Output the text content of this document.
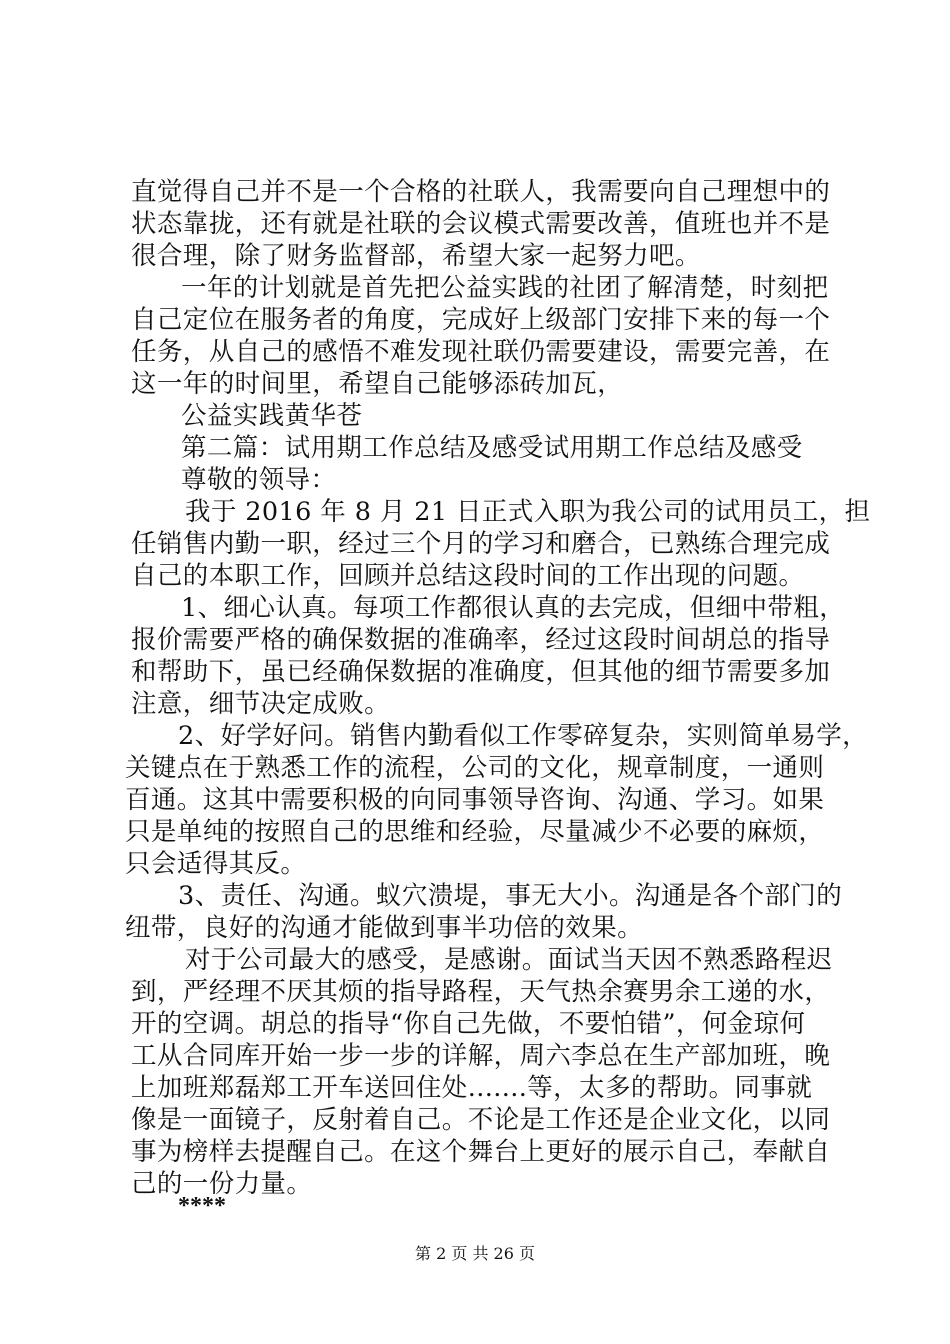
直觉得自己并不是一个合格的社联人，我需要向自己理想中的
状态靠拢，还有就是社联的会议模式需要改善，值班也并不是
很合理，除了财务监督部，希望大家一起努力吧。
一年的计划就是首先把公益实践的社团了解清楚，时刻把
自己定位在服务者的角度，完成好上级部门安排下来的每一个
任务，从自己的感悟不难发现社联仍需要建设，需要完善，在
这一年的时间里，希望自己能够添砖加瓦，
公益实践黄华苍
第二篇：试用期工作总结及感受试用期工作总结及感受
尊敬的领导：
我于 2016 年 8 月 21 日正式入职为我公司的试用员工，担
任销售内勤一职，经过三个月的学习和磨合，已熟练合理完成
自己的本职工作，回顾并总结这段时间的工作出现的问题。
1、细心认真。每项工作都很认真的去完成，但细中带粗，
报价需要严格的确保数据的准确率，经过这段时间胡总的指导
和帮助下，虽已经确保数据的准确度，但其他的细节需要多加
注意，细节决定成败。
2、好学好问。销售内勤看似工作零碎复杂，实则简单易学，
关键点在于熟悉工作的流程，公司的文化，规章制度，一通则
百通。这其中需要积极的向同事领导咨询、沟通、学习。如果
只是单纯的按照自己的思维和经验，尽量减少不必要的麻烦，
只会适得其反。
3、责任、沟通。蚁穴溃堤，事无大小。沟通是各个部门的
纽带，良好的沟通才能做到事半功倍的效果。
对于公司最大的感受，是感谢。面试当天因不熟悉路程迟
到，严经理不厌其烦的指导路程，天气热余赛男余工递的水，
开的空调。胡总的指导“你自己先做，不要怕错”，何金琼何
工从合同库开始一步一步的详解，周六李总在生产部加班，晚
上加班郑磊郑工开车送回住处.......等，太多的帮助。同事就
像是一面镜子，反射着自己。不论是工作还是企业文化，以同
事为榜样去提醒自己。在这个舞台上更好的展示自己，奉献自
己的一份力量。
****
第 2 页 共 26 页
